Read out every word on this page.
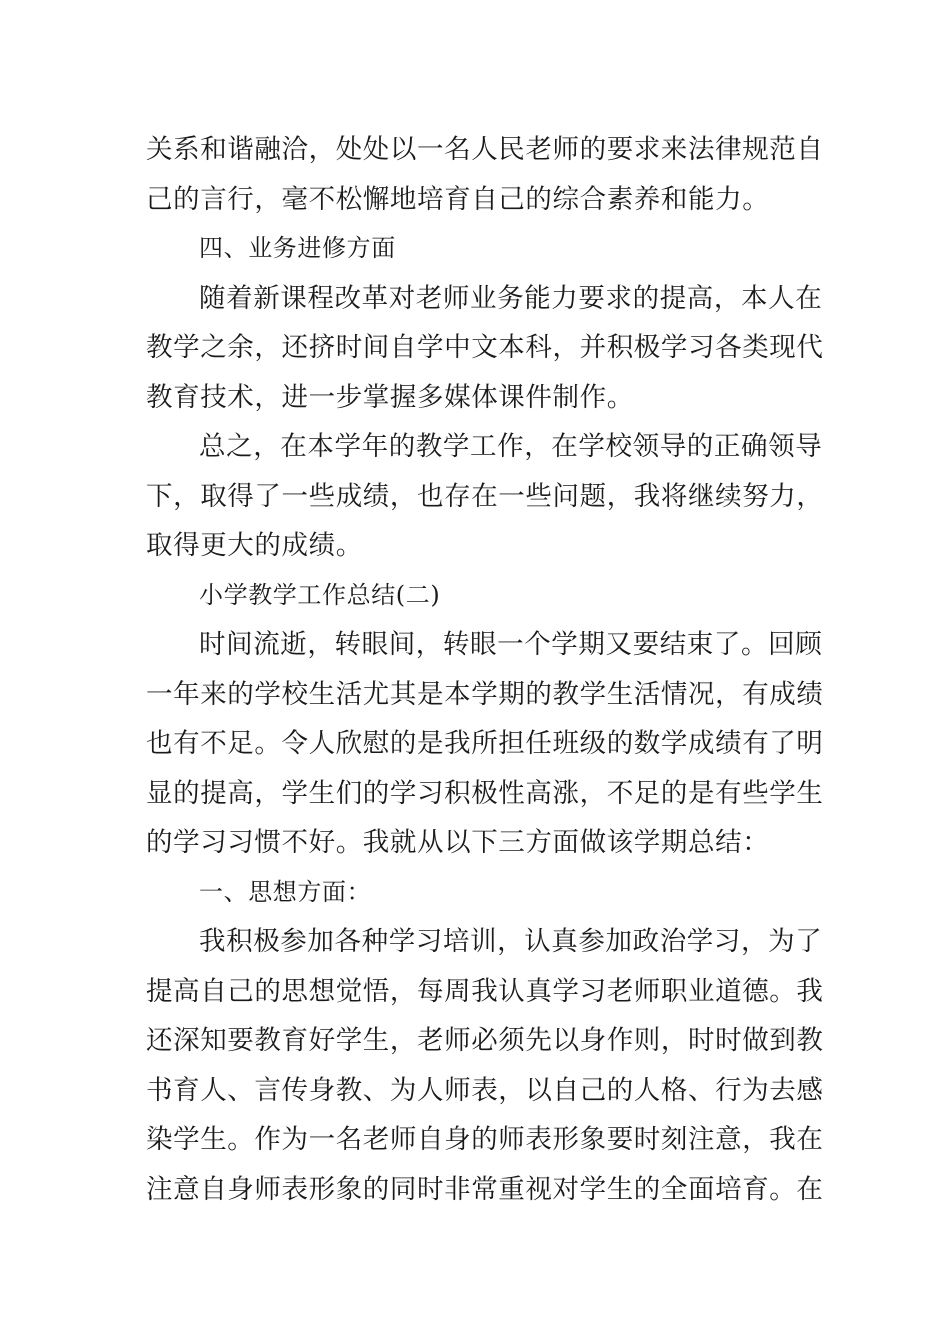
关系和谐融洽，处处以一名人民老师的要求来法律规范自
己的言行，毫不松懈地培育自己的综合素养和能力。
四、业务进修方面
随着新课程改革对老师业务能力要求的提高，本人在
教学之余，还挤时间自学中文本科，并积极学习各类现代
教育技术，进一步掌握多媒体课件制作。
总之，在本学年的教学工作，在学校领导的正确领导
下，取得了一些成绩，也存在一些问题，我将继续努力，
取得更大的成绩。
小学教学工作总结(二)
时间流逝，转眼间，转眼一个学期又要结束了。回顾
一年来的学校生活尤其是本学期的教学生活情况，有成绩
也有不足。令人欣慰的是我所担任班级的数学成绩有了明
显的提高，学生们的学习积极性高涨，不足的是有些学生
的学习习惯不好。我就从以下三方面做该学期总结：
一、思想方面：
我积极参加各种学习培训，认真参加政治学习，为了
提高自己的思想觉悟，每周我认真学习老师职业道德。我
还深知要教育好学生，老师必须先以身作则，时时做到教
书育人、言传身教、为人师表，以自己的人格、行为去感
染学生。作为一名老师自身的师表形象要时刻注意，我在
注意自身师表形象的同时非常重视对学生的全面培育。在
